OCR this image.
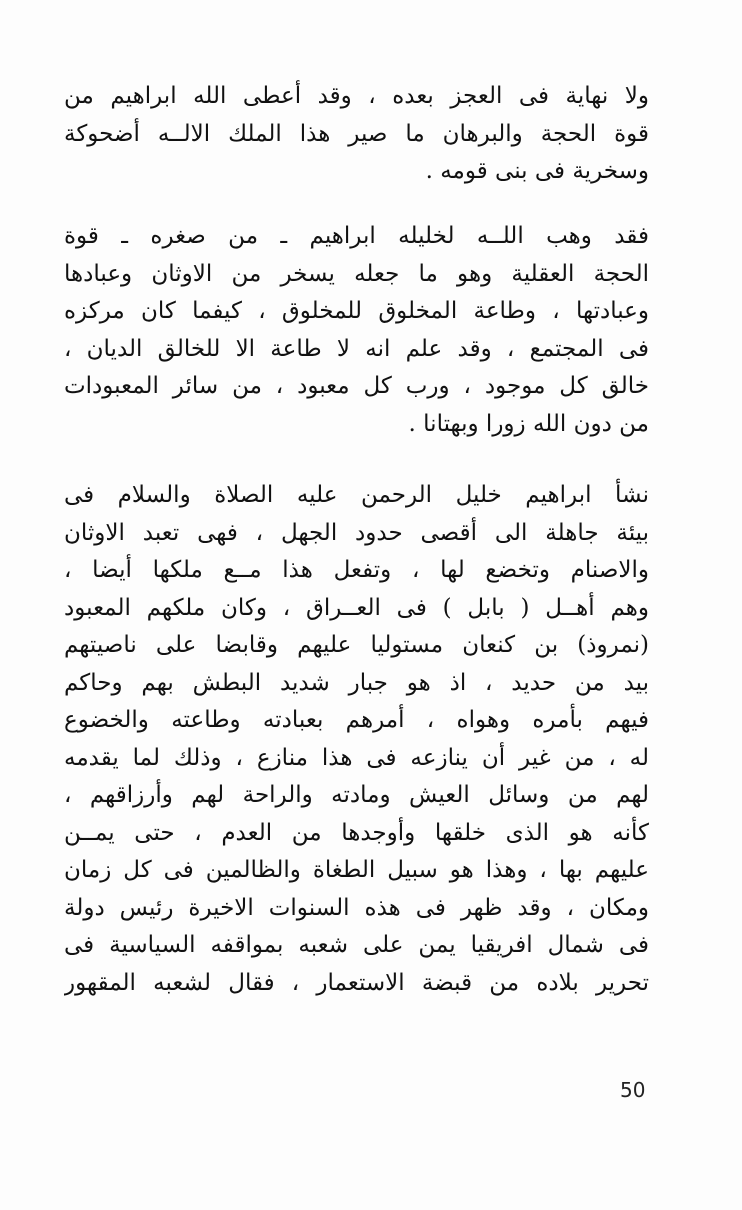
ولا نهاية فى العجز بعده ، وقد أعطى الله ابراهيم من
قوة الحجة والبرهان ما صير هذا الملك الالــه أضحوكة
وسخرية فى بنى قومه .
فقد وهب اللــه لخليله ابراهيم ـ من صغره ـ قوة
الحجة العقلية وهو ما جعله يسخر من الاوثان وعبادها
وعبادتها ، وطاعة المخلوق للمخلوق ، كيفما كان مركزه
فى المجتمع ، وقد علم انه لا طاعة الا للخالق الديان ،
خالق كل موجود ، ورب كل معبود ، من سائر المعبودات
من دون الله زورا وبهتانا .
نشأ ابراهيم خليل الرحمن عليه الصلاة والسلام فى
بيئة جاهلة الى أقصى حدود الجهل ، فهى تعبد الاوثان
والاصنام وتخضع لها ، وتفعل هذا مــع ملكها أيضا ،
وهم أهــل ( بابل ) فى العــراق ، وكان ملكهم المعبود
(نمروذ) بن كنعان مستوليا عليهم وقابضا على ناصيتهم
بيد من حديد ، اذ هو جبار شديد البطش بهم وحاكم
فيهم بأمره وهواه ، أمرهم بعبادته وطاعته والخضوع
له ، من غير أن ينازعه فى هذا منازع ، وذلك لما يقدمه
لهم من وسائل العيش ومادته والراحة لهم وأرزاقهم ،
كأنه هو الذى خلقها وأوجدها من العدم ، حتى يمــن
عليهم بها ، وهذا هو سبيل الطغاة والظالمين فى كل زمان
ومكان ، وقد ظهر فى هذه السنوات الاخيرة رئيس دولة
فى شمال افريقيا يمن على شعبه بمواقفه السياسية فى
تحرير بلاده من قبضة الاستعمار ، فقال لشعبه المقهور
50
